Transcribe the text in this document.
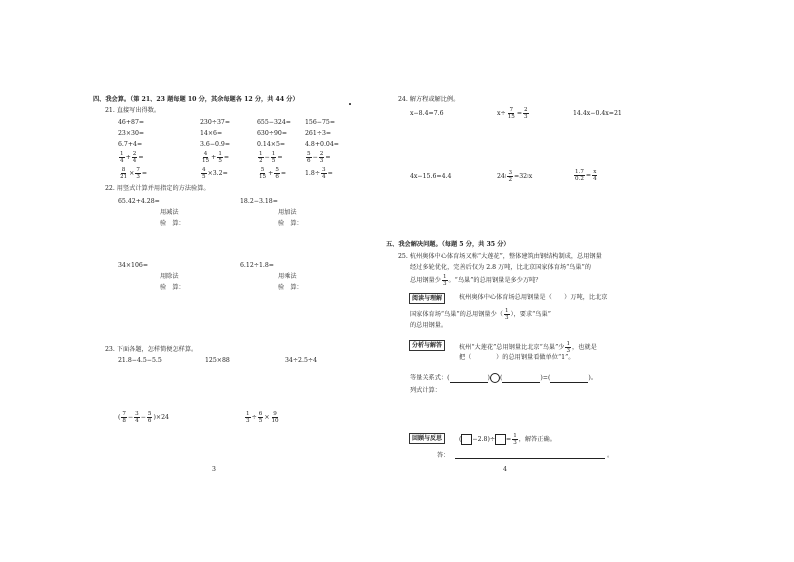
四、我会算。（第 21、23 题每题 10 分，其余每题各 12 分，共 44 分）
21. 直接写出得数。
46+87=	230÷37=	655−324= 156−75=
23×30=	14×6=	630÷90=	261÷3=
6.7+4=	3.6−0.9=	0.14×5=	4.8+0.04=
$\frac{1}{4} + \frac{2}{4}$ =	$\frac{4}{15} + \frac{1}{5}$ =	$\frac{1}{2} - \frac{1}{5}$ =	$\frac{5}{6} - \frac{2}{3}$ =
$\frac{8}{21} \times \frac{7}{3}$ =	$\frac{4}{5} \times 3.2=$	$\frac{5}{15} + \frac{5}{6}$ =	$1.8\div \frac{3}{4}$ =
22. 用竖式计算并用指定的方法验算。
65.42+4.28=
用减法
验　算：
18.2−3.18=
用加法
验　算：
34×106=
用除法
验　算：
6.12÷1.8=
用乘法
验　算：
23. 下面各题，怎样简便怎样算。
21.8−4.5−5.5	125×88	34÷2.5÷4
( $\frac{7}{8} - \frac{3}{4} - \frac{5}{6} )\times 24$	$\frac{1}{3} \div \frac{6}{5} \times \frac{9}{10}$
3
24. 解方程或解比例。
x−8.4=7.6	$x\div \frac{7}{15} = \frac{2}{3}$	14.4x−0.4x=21
4x−15.6=4.4	24∶ $\frac{3}{2}$ =32∶x	$\frac{1.7}{0.2} = \frac{x}{4}$
五、我会解决问题。（每题 5 分，共 35 分）
25. 杭州奥体中心体育场又称“大莲花”，整体建筑由钢结构制成，总用钢量
经过多轮优化，完善后仅为 2.8 万吨，比北京国家体育场“鸟巢”的
总用钢量少 $\frac{1}{3}$ 。“鸟巢”的总用钢量是多少万吨？
阅读与理解	杭州奥体中心体育场总用钢量是（　　）万吨，比北京
国家体育场“鸟巢”的总用钢量少（ $\frac{1}{3}$ ），要求“鸟巢”
的总用钢量。
分析与解答	杭州“大莲花”总用钢量比北京“鸟巢”少 $\frac{1}{3}$ ，也就是
把（　　　　）的总用钢量看做单位“1”。
等量关系式：(	) (	)=(	)。
列式计算：
回顾与反思	( $-2.8)\div = \frac{1}{3}$ ，解答正确。
答：	。
4
